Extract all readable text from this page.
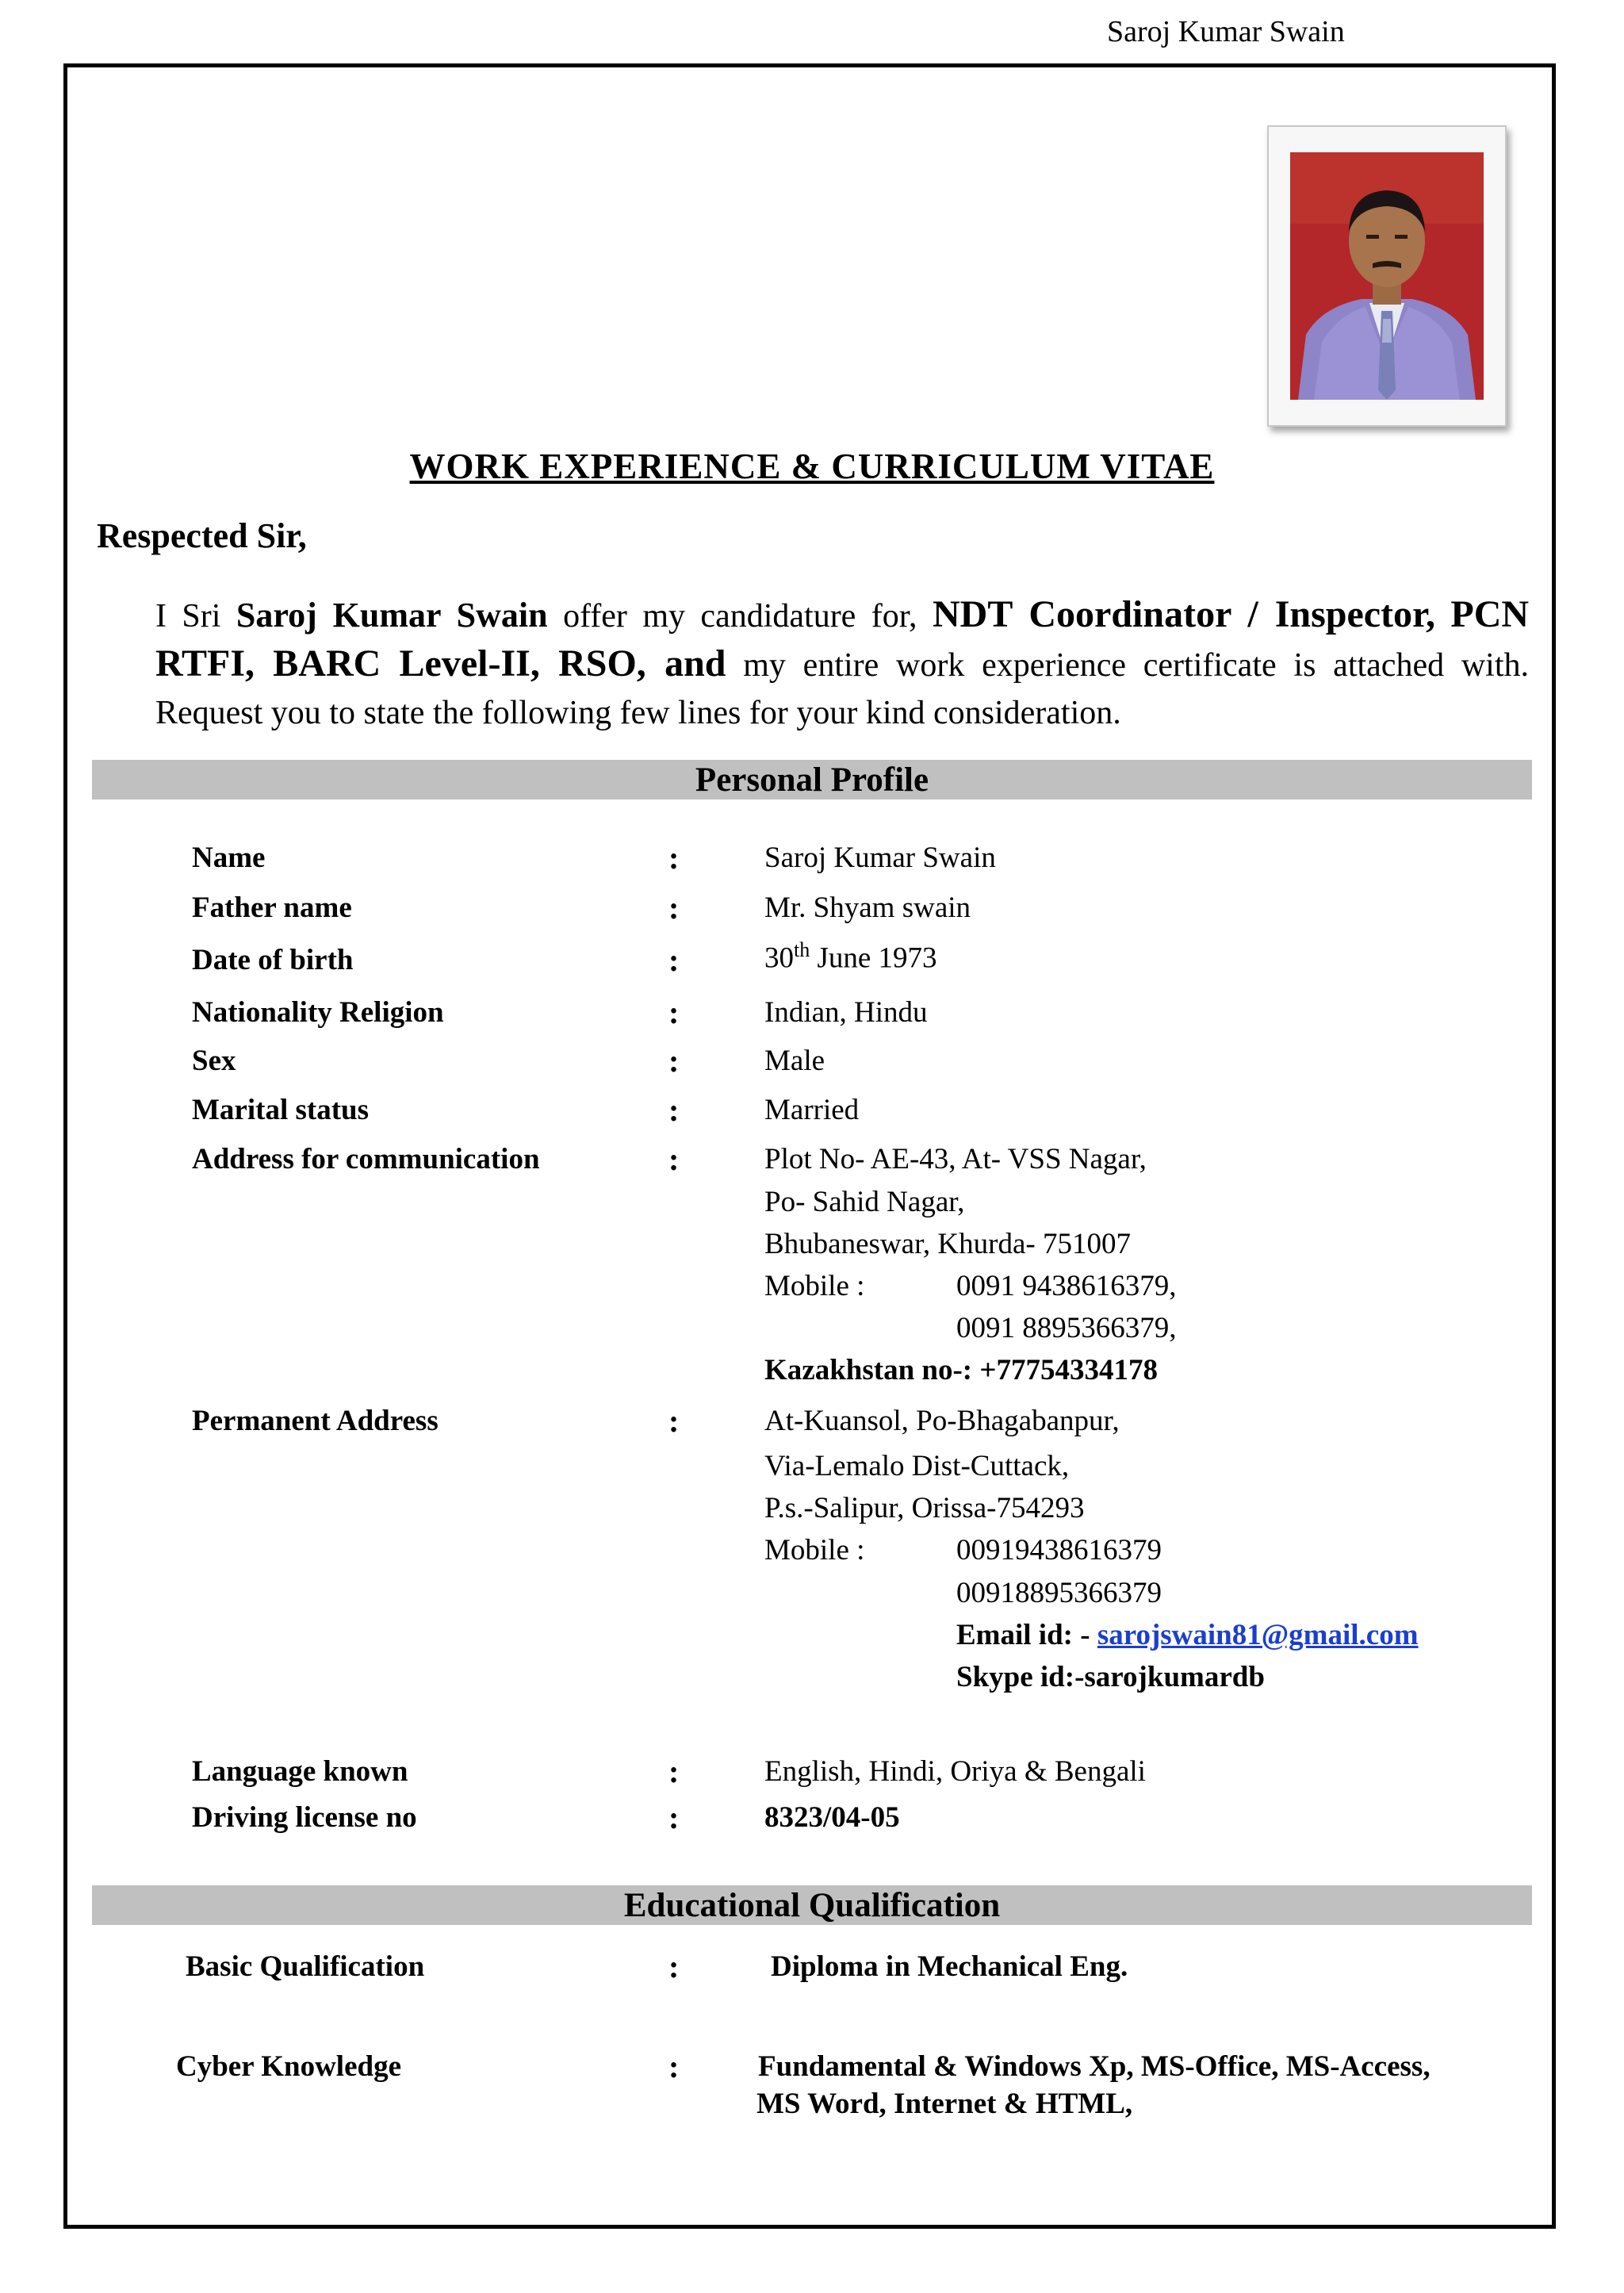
Saroj Kumar Swain
WORK EXPERIENCE & CURRICULUM VITAE
Respected Sir,
I Sri Saroj Kumar Swain offer my candidature for, NDT Coordinator / Inspector, PCN RTFI, BARC Level-II, RSO, and my entire work experience certificate is attached with. Request you to state the following few lines for your kind consideration.
Personal Profile
Name	:	Saroj Kumar Swain
Father name	:	Mr. Shyam swain
Date of birth	:	30th June 1973
Nationality Religion	:	Indian, Hindu
Sex	:	Male
Marital status	:	Married
Address for communication	:	Plot No- AE-43, At- VSS Nagar,
Po- Sahid Nagar,
Bhubaneswar, Khurda- 751007
Mobile :	0091 9438616379,
0091 8895366379,
Kazakhstan no-: +77754334178
Permanent Address	:	At-Kuansol, Po-Bhagabanpur,
Via-Lemalo Dist-Cuttack,
P.s.-Salipur, Orissa-754293
Mobile :	00919438616379
00918895366379
Email id: - sarojswain81@gmail.com
Skype id:-sarojkumardb
Language known	:	English, Hindi, Oriya & Bengali
Driving license no	:	8323/04-05
Educational Qualification
Basic Qualification	:	Diploma in Mechanical Eng.
Cyber Knowledge	:	Fundamental & Windows Xp, MS-Office, MS-Access,
MS Word, Internet & HTML,
